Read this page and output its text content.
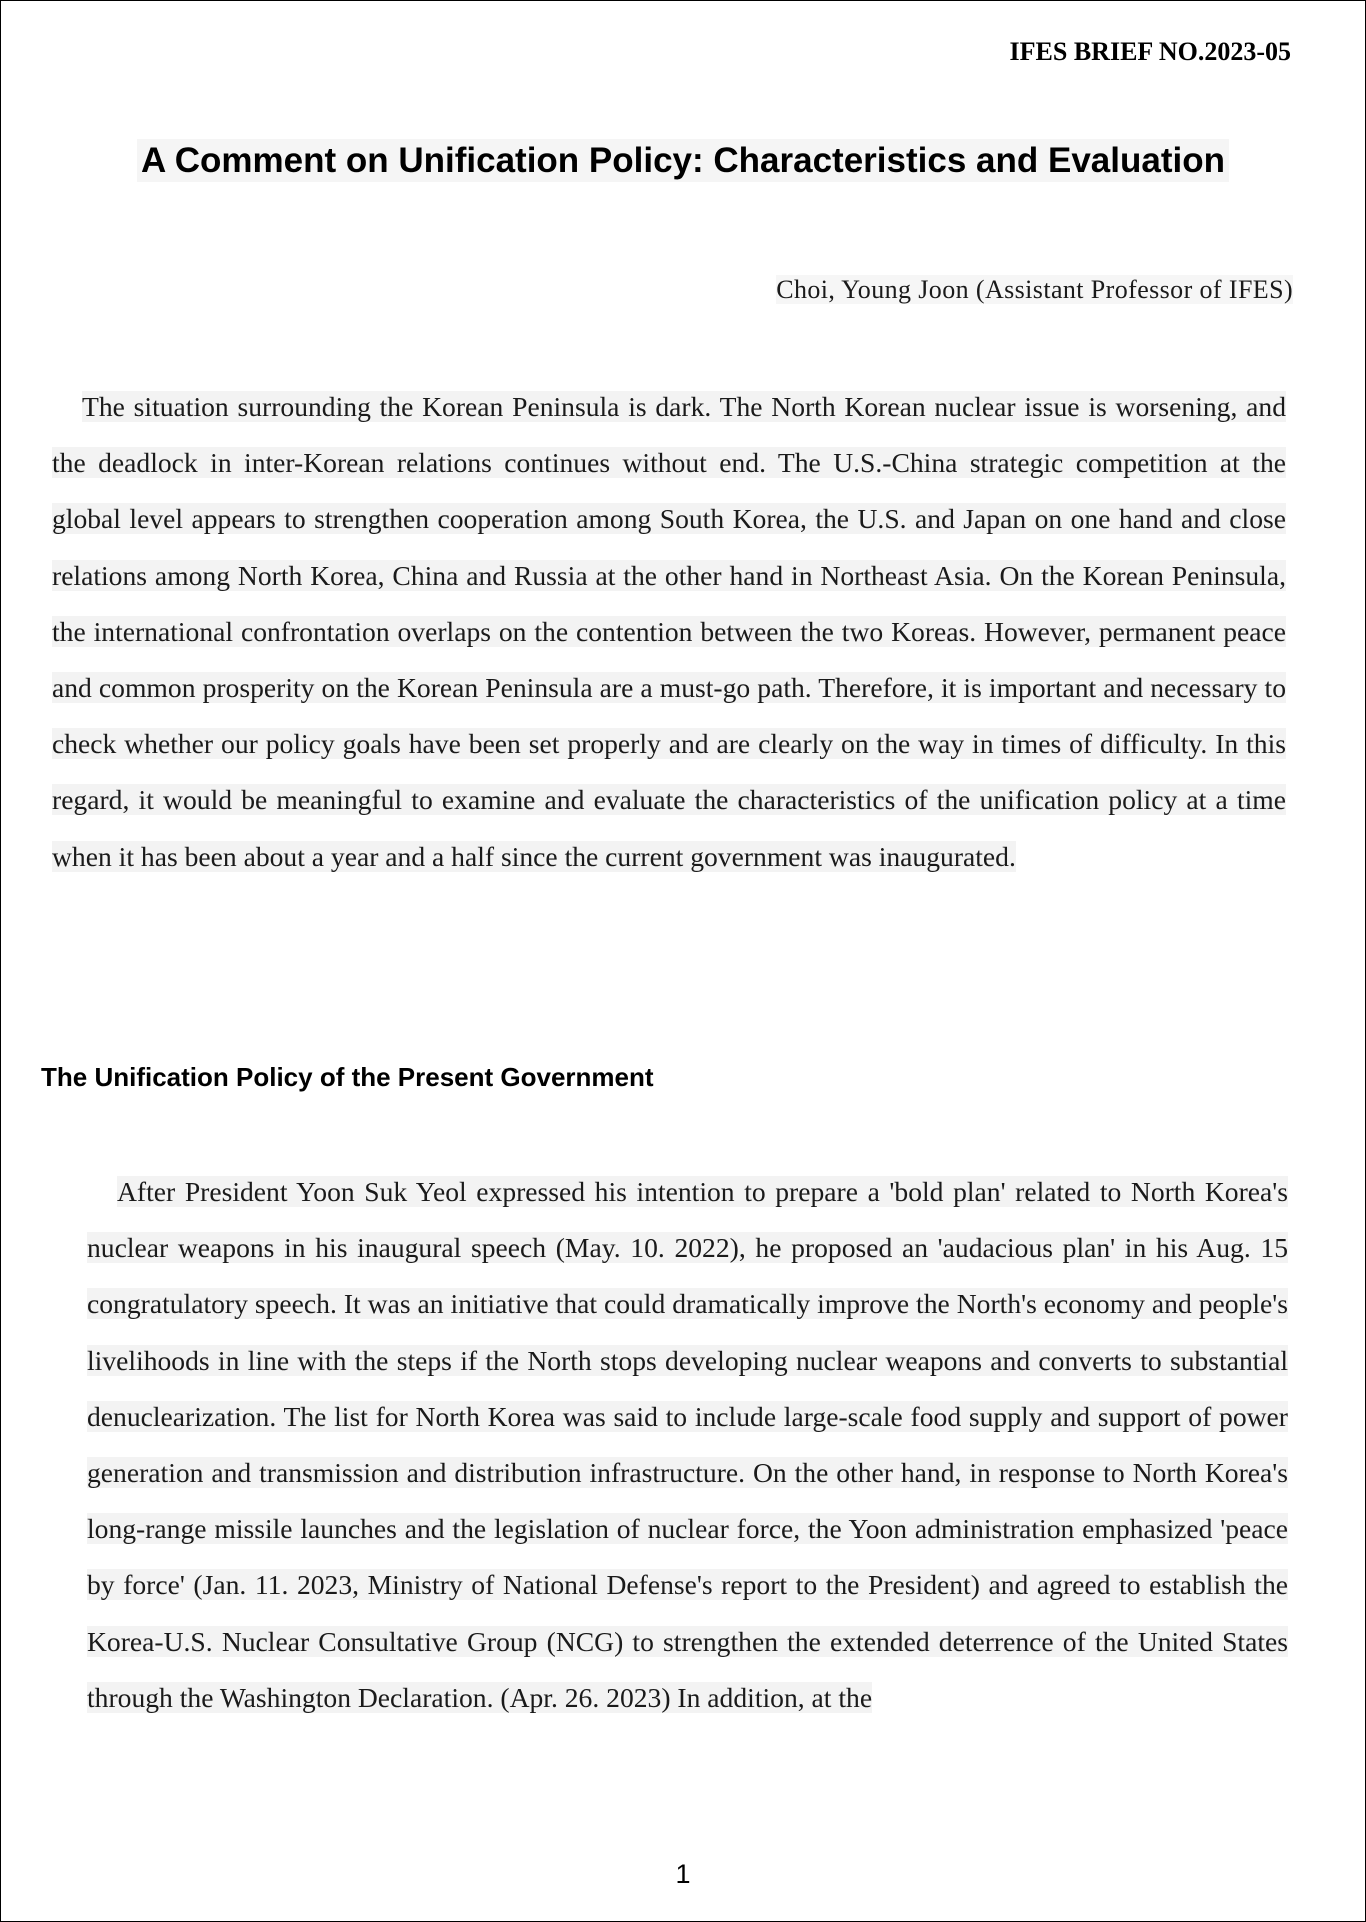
IFES BRIEF NO.2023-05
A Comment on Unification Policy: Characteristics and Evaluation
Choi, Young Joon (Assistant Professor of IFES)

The situation surrounding the Korean Peninsula is dark. The North Korean nuclear issue is worsening, and the deadlock in inter-Korean relations continues without end. The U.S.-China strategic competition at the global level appears to strengthen cooperation among South Korea, the U.S. and Japan on one hand and close relations among North Korea, China and Russia at the other hand in Northeast Asia. On the Korean Peninsula, the international confrontation overlaps on the contention between the two Koreas. However, permanent peace and common prosperity on the Korean Peninsula are a must-go path. Therefore, it is important and necessary to check whether our policy goals have been set properly and are clearly on the way in times of difficulty. In this regard, it would be meaningful to examine and evaluate the characteristics of the unification policy at a time when it has been about a year and a half since the current government was inaugurated.

The Unification Policy of the Present Government

After President Yoon Suk Yeol expressed his intention to prepare a 'bold plan' related to North Korea's nuclear weapons in his inaugural speech (May. 10. 2022), he proposed an 'audacious plan' in his Aug. 15 congratulatory speech. It was an initiative that could dramatically improve the North's economy and people's livelihoods in line with the steps if the North stops developing nuclear weapons and converts to substantial denuclearization. The list for North Korea was said to include large-scale food supply and support of power generation and transmission and distribution infrastructure. On the other hand, in response to North Korea's long-range missile launches and the legislation of nuclear force, the Yoon administration emphasized 'peace by force' (Jan. 11. 2023, Ministry of National Defense's report to the President) and agreed to establish the Korea-U.S. Nuclear Consultative Group (NCG) to strengthen the extended deterrence of the United States through the Washington Declaration. (Apr. 26. 2023) In addition, at the

1
